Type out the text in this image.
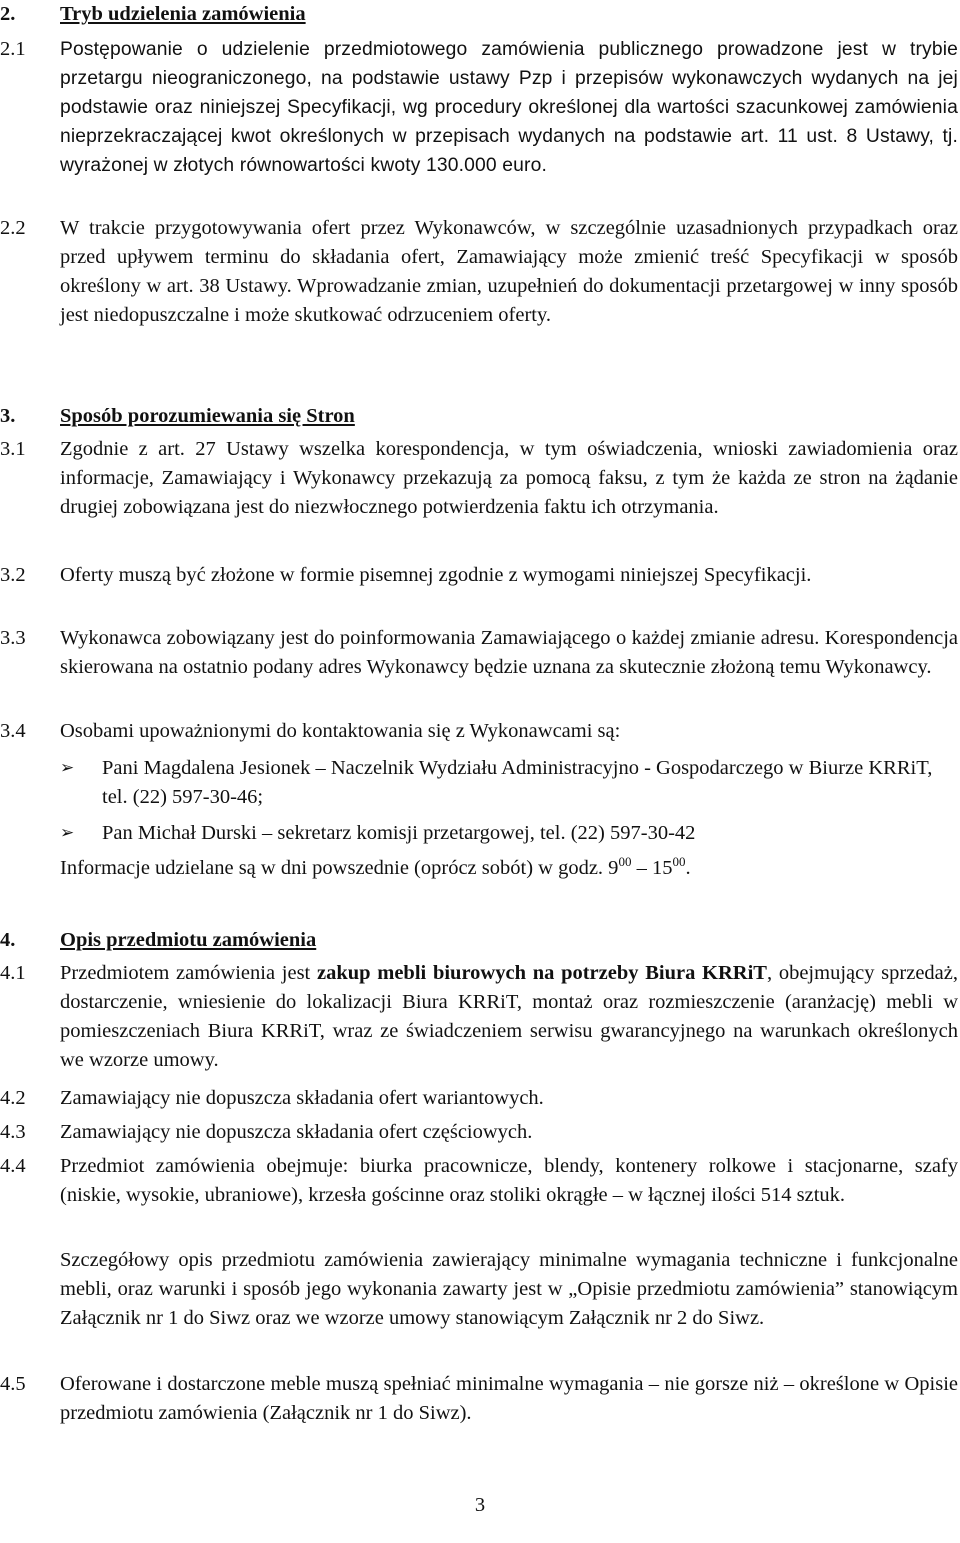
2. Tryb udzielenia zamówienia
2.1 Postępowanie o udzielenie przedmiotowego zamówienia publicznego prowadzone jest w trybie przetargu nieograniczonego, na podstawie ustawy Pzp i przepisów wykonawczych wydanych na jej podstawie oraz niniejszej Specyfikacji, wg procedury określonej dla wartości szacunkowej zamówienia nieprzekraczającej kwot określonych w przepisach wydanych na podstawie art. 11 ust. 8 Ustawy, tj. wyrażonej w złotych równowartości kwoty 130.000 euro.
2.2 W trakcie przygotowywania ofert przez Wykonawców, w szczególnie uzasadnionych przypadkach oraz przed upływem terminu do składania ofert, Zamawiający może zmienić treść Specyfikacji w sposób określony w art. 38 Ustawy. Wprowadzanie zmian, uzupełnień do dokumentacji przetargowej w inny sposób jest niedopuszczalne i może skutkować odrzuceniem oferty.
3. Sposób porozumiewania się Stron
3.1 Zgodnie z art. 27 Ustawy wszelka korespondencja, w tym oświadczenia, wnioski zawiadomienia oraz informacje, Zamawiający i Wykonawcy przekazują za pomocą faksu, z tym że każda ze stron na żądanie drugiej zobowiązana jest do niezwłocznego potwierdzenia faktu ich otrzymania.
3.2 Oferty muszą być złożone w formie pisemnej zgodnie z wymogami niniejszej Specyfikacji.
3.3 Wykonawca zobowiązany jest do poinformowania Zamawiającego o każdej zmianie adresu. Korespondencja skierowana na ostatnio podany adres Wykonawcy będzie uznana za skutecznie złożoną temu Wykonawcy.
3.4 Osobami upoważnionymi do kontaktowania się z Wykonawcami są:
➢ Pani Magdalena Jesionek – Naczelnik Wydziału Administracyjno - Gospodarczego w Biurze KRRiT, tel. (22) 597-30-46;
➢ Pan Michał Durski – sekretarz komisji przetargowej, tel. (22) 597-30-42
Informacje udzielane są w dni powszednie (oprócz sobót) w godz. $9^{00} - 15^{00}$.
4. Opis przedmiotu zamówienia
4.1 Przedmiotem zamówienia jest zakup mebli biurowych na potrzeby Biura KRRiT, obejmujący sprzedaż, dostarczenie, wniesienie do lokalizacji Biura KRRiT, montaż oraz rozmieszczenie (aranżację) mebli w pomieszczeniach Biura KRRiT, wraz ze świadczeniem serwisu gwarancyjnego na warunkach określonych we wzorze umowy.
4.2 Zamawiający nie dopuszcza składania ofert wariantowych.
4.3 Zamawiający nie dopuszcza składania ofert częściowych.
4.4 Przedmiot zamówienia obejmuje: biurka pracownicze, blendy, kontenery rolkowe i stacjonarne, szafy (niskie, wysokie, ubraniowe), krzesła gościnne oraz stoliki okrągłe – w łącznej ilości 514 sztuk.
Szczegółowy opis przedmiotu zamówienia zawierający minimalne wymagania techniczne i funkcjonalne mebli, oraz warunki i sposób jego wykonania zawarty jest w „Opisie przedmiotu zamówienia” stanowiącym Załącznik nr 1 do Siwz oraz we wzorze umowy stanowiącym Załącznik nr 2 do Siwz.
4.5 Oferowane i dostarczone meble muszą spełniać minimalne wymagania – nie gorsze niż – określone w Opisie przedmiotu zamówienia (Załącznik nr 1 do Siwz).
3
